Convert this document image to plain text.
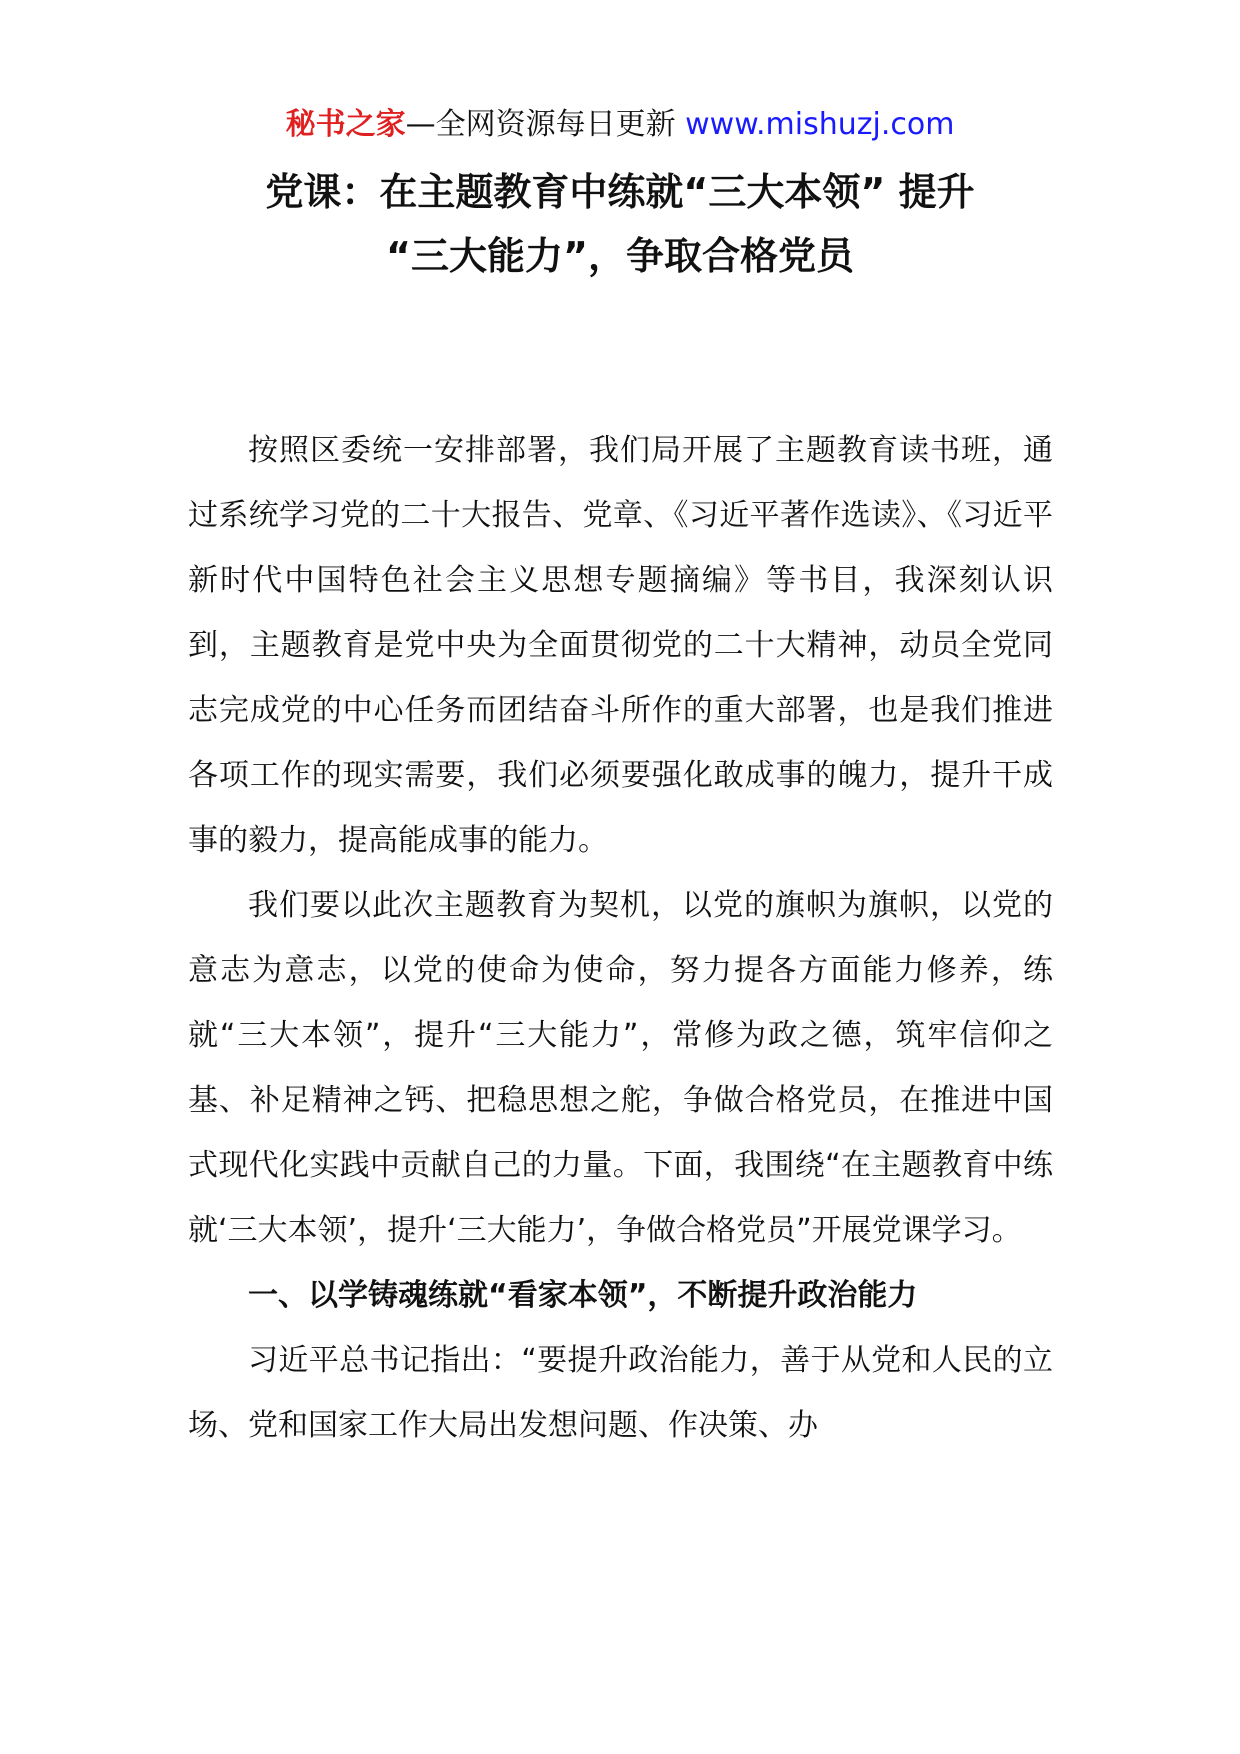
秘书之家—全网资源每日更新 www.mishuzj.com
党课：在主题教育中练就“三大本领” 提升
“三大能力”，争取合格党员

按照区委统一安排部署，我们局开展了主题教育读书班，通过系统学习党的二十大报告、党章、《习近平著作选读》、《习近平新时代中国特色社会主义思想专题摘编》等书目，我深刻认识到，主题教育是党中央为全面贯彻党的二十大精神，动员全党同志完成党的中心任务而团结奋斗所作的重大部署，也是我们推进各项工作的现实需要，我们必须要强化敢成事的魄力，提升干成事的毅力，提高能成事的能力。

我们要以此次主题教育为契机，以党的旗帜为旗帜，以党的意志为意志，以党的使命为使命，努力提各方面能力修养，练就“三大本领”，提升“三大能力”，常修为政之德，筑牢信仰之基、补足精神之钙、把稳思想之舵，争做合格党员，在推进中国式现代化实践中贡献自己的力量。下面，我围绕“在主题教育中练就‘三大本领’，提升‘三大能力’，争做合格党员”开展党课学习。

一、以学铸魂练就“看家本领”，不断提升政治能力

习近平总书记指出：“要提升政治能力，善于从党和人民的立场、党和国家工作大局出发想问题、作决策、办
